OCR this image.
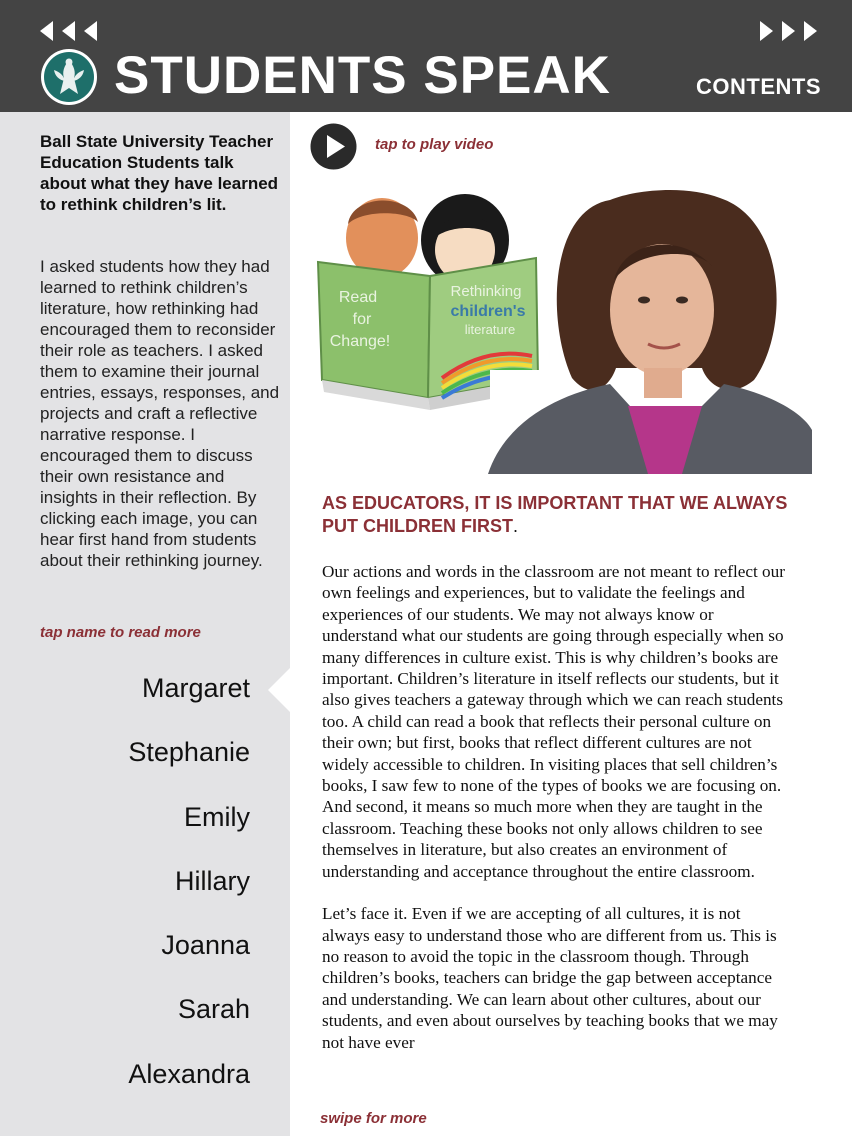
STUDENTS SPEAK	CONTENTS
Ball State University Teacher Education Students talk about what they have learned to rethink children’s lit.
I asked students how they had learned to rethink children’s literature, how rethinking had encouraged them to reconsider their role as teachers. I asked them to examine their journal entries, essays, responses, and projects and craft a reflective narrative response. I encouraged them to discuss their own resistance and insights in their reflection. By clicking each image, you can hear first hand from students about their rethinking journey.
tap name to read more
Margaret
Stephanie
Emily
Hillary
Joanna
Sarah
Alexandra
tap to play video
Read
for
Change!
Rethinking
children's
literature
AS EDUCATORS, IT IS IMPORTANT THAT WE ALWAYS PUT CHILDREN FIRST.

Our actions and words in the classroom are not meant to reflect our own feelings and experiences, but to validate the feelings and experiences of our students. We may not always know or understand what our students are going through especially when so many differences in culture exist. This is why children’s books are important. Children’s literature in itself reflects our students, but it also gives teachers a gateway through which we can reach students too. A child can read a book that reflects their personal culture on their own; but first, books that reflect different cultures are not widely accessible to children. In visiting places that sell children’s books, I saw few to none of the types of books we are focusing on. And second, it means so much more when they are taught in the classroom. Teaching these books not only allows children to see themselves in literature, but also creates an environment of understanding and acceptance throughout the entire classroom.

Let’s face it. Even if we are accepting of all cultures, it is not always easy to understand those who are different from us. This is no reason to avoid the topic in the classroom though. Through children’s books, teachers can bridge the gap between acceptance and understanding. We can learn about other cultures, about our students, and even about ourselves by teaching books that we may not have ever

swipe for more
